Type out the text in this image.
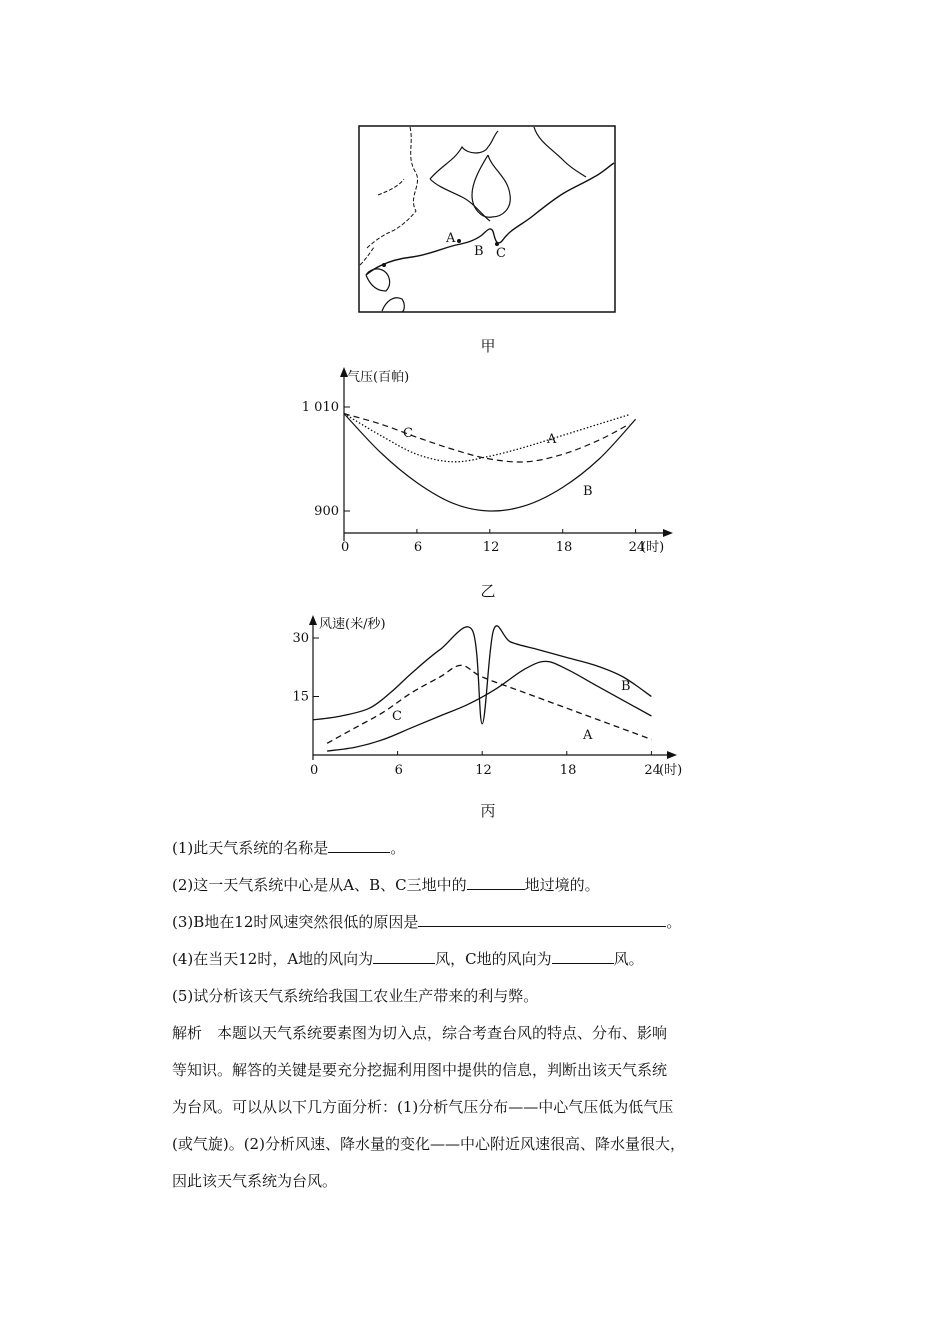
A
B C
甲
气压(百帕)
(时)
0	6	12	18	24
900
1 010
A
B
C
乙
风速(米/秒)
(时)
0	6	12	18	24
15
30
A
B
C
丙
(1)此天气系统的名称是	。
(2)这一天气系统中心是从A、B、C三地中的	地过境的。
(3)B地在12时风速突然很低的原因是	。
(4)在当天12时，A地的风向为	风，C地的风向为	风。
(5)试分析该天气系统给我国工农业生产带来的利与弊。
解析　本题以天气系统要素图为切入点，综合考查台风的特点、分布、影响
等知识。解答的关键是要充分挖掘利用图中提供的信息，判断出该天气系统
为台风。可以从以下几方面分析：(1)分析气压分布——中心气压低为低气压
(或气旋)。(2)分析风速、降水量的变化——中心附近风速很高、降水量很大，
因此该天气系统为台风。
